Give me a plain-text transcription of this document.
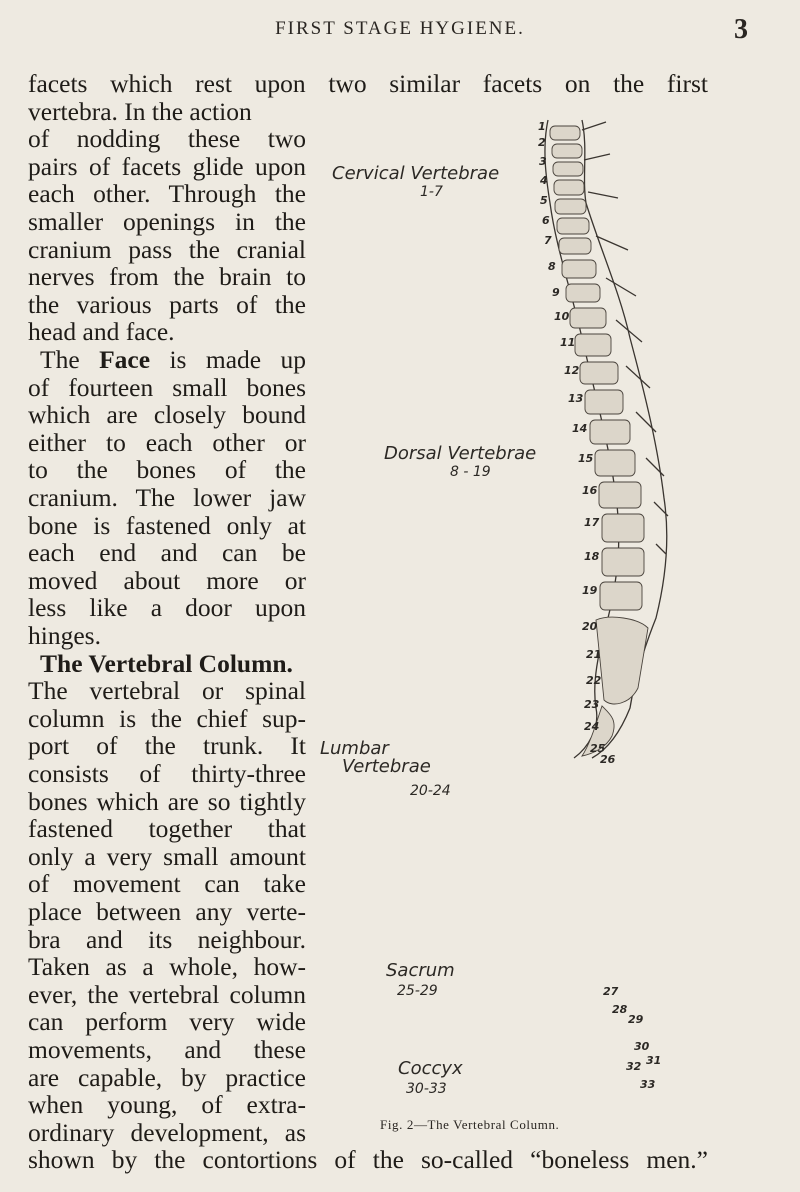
FIRST STAGE HYGIENE.	3
facets which rest upon two similar facets on the first
vertebra. In the action
of nodding these two
pairs of facets glide upon
each other. Through the
smaller openings in the
cranium pass the cranial
nerves from the brain to
the various parts of the
head and face.
The Face is made up
of fourteen small bones
which are closely bound
either to each other or
to the bones of the
cranium. The lower jaw
bone is fastened only at
each end and can be
moved about more or
less like a door upon
hinges.
The Vertebral Column.
The vertebral or spinal
column is the chief sup-
port of the trunk. It
consists of thirty-three
bones which are so tightly
fastened together that
only a very small amount
of movement can take
place between any verte-
bra and its neighbour.
Taken as a whole, how-
ever, the vertebral column
can perform very wide
movements, and these
are capable, by practice
when young, of extra-
ordinary development, as
shown by the contortions of the so-called “boneless men.”
Cervical Vertebrae
1-7
Dorsal Vertebrae
8 - 19
Lumbar
Vertebrae
1
2
3
4
5
6
7
8
9
10
11
12
13
14
15
16
17
18
19
20
21
22
23
24
25
26
20-24
Sacrum
25-29
Coccyx
30-33
27
28
29
30
31
32
33
Fig. 2—The Vertebral Column.
